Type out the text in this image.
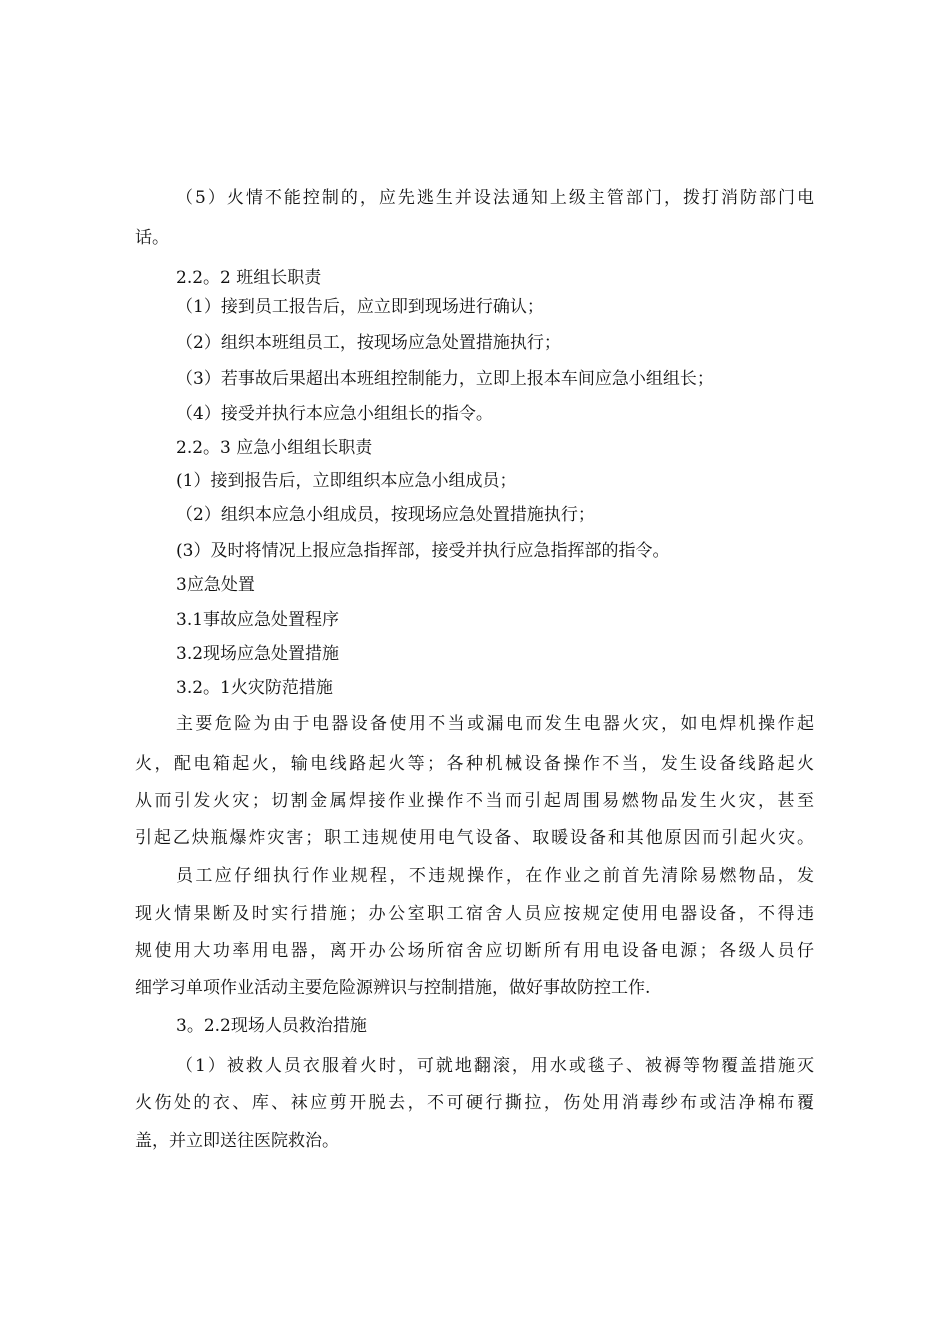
（5）火情不能控制的，应先逃生并设法通知上级主管部门，拨打消防部门电
话。
2.2。2 班组长职责
（1）接到员工报告后，应立即到现场进行确认；
（2）组织本班组员工，按现场应急处置措施执行；
（3）若事故后果超出本班组控制能力，立即上报本车间应急小组组长；
（4）接受并执行本应急小组组长的指令。
2.2。3 应急小组组长职责
(1）接到报告后，立即组织本应急小组成员；
（2）组织本应急小组成员，按现场应急处置措施执行；
(3）及时将情况上报应急指挥部，接受并执行应急指挥部的指令。
3应急处置
3.1事故应急处置程序
3.2现场应急处置措施
3.2。1火灾防范措施
主要危险为由于电器设备使用不当或漏电而发生电器火灾，如电焊机操作起
火，配电箱起火，输电线路起火等；各种机械设备操作不当，发生设备线路起火
从而引发火灾；切割金属焊接作业操作不当而引起周围易燃物品发生火灾，甚至
引起乙炔瓶爆炸灾害；职工违规使用电气设备、取暖设备和其他原因而引起火灾。
员工应仔细执行作业规程，不违规操作，在作业之前首先清除易燃物品，发
现火情果断及时实行措施；办公室职工宿舍人员应按规定使用电器设备，不得违
规使用大功率用电器，离开办公场所宿舍应切断所有用电设备电源；各级人员仔
细学习单项作业活动主要危险源辨识与控制措施，做好事故防控工作.
3。2.2现场人员救治措施
（1）被救人员衣服着火时，可就地翻滚，用水或毯子、被褥等物覆盖措施灭
火伤处的衣、库、袜应剪开脱去，不可硬行撕拉，伤处用消毒纱布或洁净棉布覆
盖，并立即送往医院救治。
